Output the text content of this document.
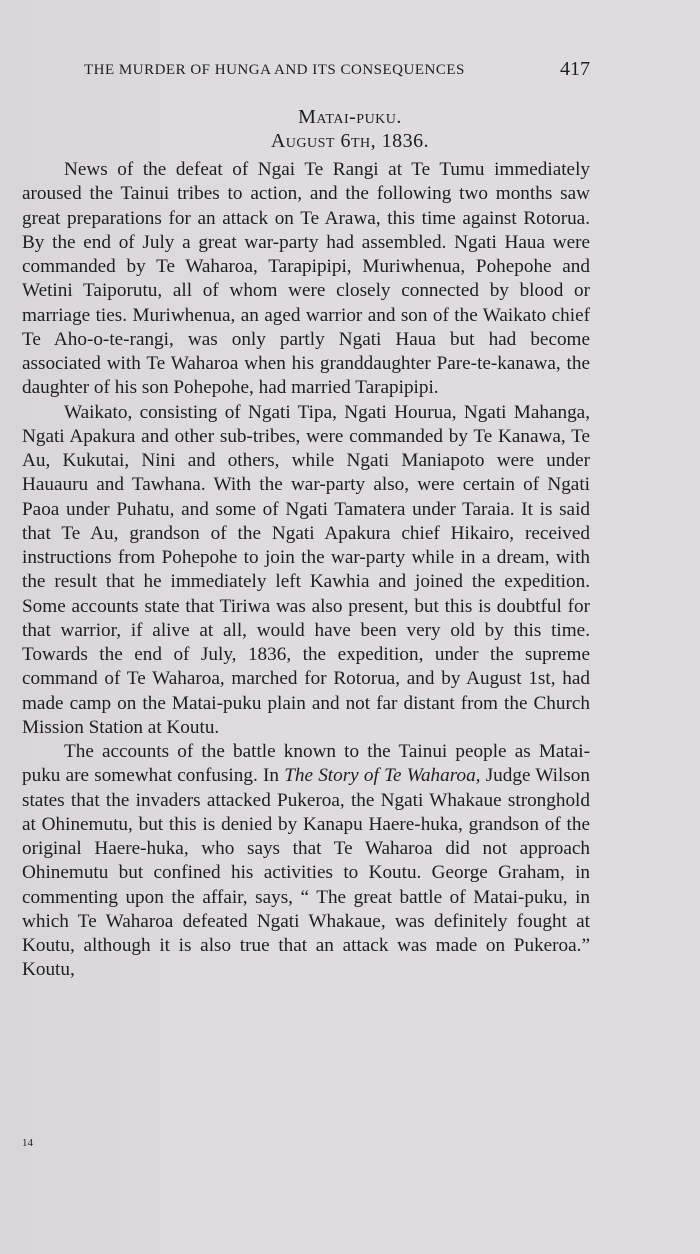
THE MURDER OF HUNGA AND ITS CONSEQUENCES	417
Matai-puku.
August 6th, 1836.

News of the defeat of Ngai Te Rangi at Te Tumu immediately aroused the Tainui tribes to action, and the following two months saw great preparations for an attack on Te Arawa, this time against Rotorua. By the end of July a great war-party had assembled. Ngati Haua were commanded by Te Waharoa, Tarapipipi, Muriwhenua, Pohepohe and Wetini Taiporutu, all of whom were closely connected by blood or marriage ties. Muriwhenua, an aged warrior and son of the Waikato chief Te Aho-o-te-rangi, was only partly Ngati Haua but had become associated with Te Waharoa when his granddaughter Pare-te-kanawa, the daughter of his son Pohepohe, had married Tarapipipi.

Waikato, consisting of Ngati Tipa, Ngati Hourua, Ngati Mahanga, Ngati Apakura and other sub-tribes, were commanded by Te Kanawa, Te Au, Kukutai, Nini and others, while Ngati Maniapoto were under Hauauru and Tawhana. With the war-party also, were certain of Ngati Paoa under Puhatu, and some of Ngati Tamatera under Taraia. It is said that Te Au, grandson of the Ngati Apakura chief Hikairo, received instructions from Pohepohe to join the war-party while in a dream, with the result that he immediately left Kawhia and joined the expedition. Some accounts state that Tiriwa was also present, but this is doubtful for that warrior, if alive at all, would have been very old by this time. Towards the end of July, 1836, the expedition, under the supreme command of Te Waharoa, marched for Rotorua, and by August 1st, had made camp on the Matai-puku plain and not far distant from the Church Mission Station at Koutu.

The accounts of the battle known to the Tainui people as Matai-puku are somewhat confusing. In The Story of Te Waharoa, Judge Wilson states that the invaders attacked Pukeroa, the Ngati Whakaue stronghold at Ohinemutu, but this is denied by Kanapu Haere-huka, grandson of the original Haere-huka, who says that Te Waharoa did not approach Ohinemutu but confined his activities to Koutu. George Graham, in commenting upon the affair, says, “ The great battle of Matai-puku, in which Te Waharoa defeated Ngati Whakaue, was definitely fought at Koutu, although it is also true that an attack was made on Pukeroa.” Koutu,

14
